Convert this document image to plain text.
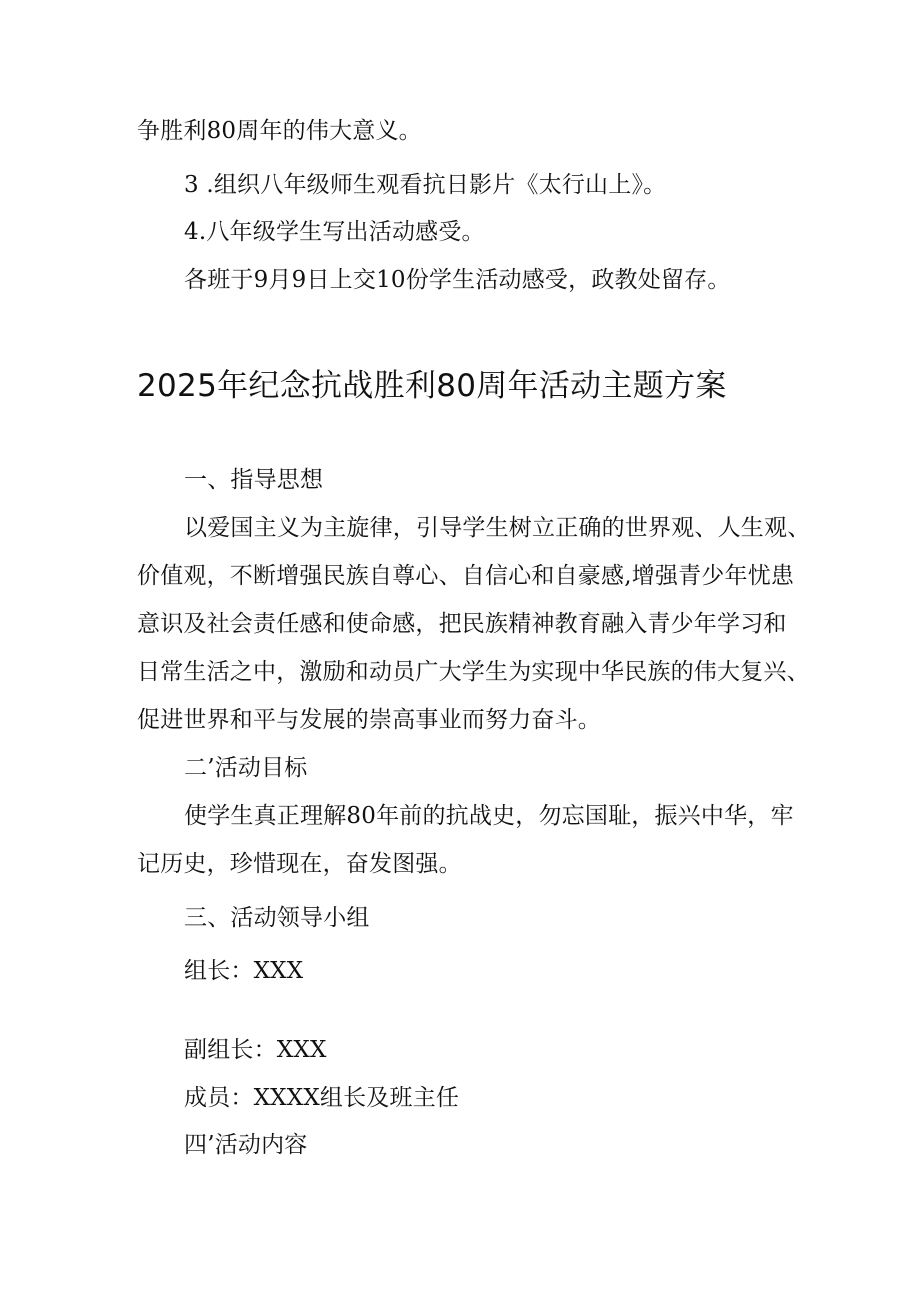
争胜利80周年的伟大意义。
3 .组织八年级师生观看抗日影片《太行山上》。
4.八年级学生写出活动感受。
各班于9月9日上交10份学生活动感受，政教处留存。
2025年纪念抗战胜利80周年活动主题方案
一、指导思想
以爱国主义为主旋律，引导学生树立正确的世界观、人生观、
价值观，不断增强民族自尊心、自信心和自豪感,增强青少年忧患
意识及社会责任感和使命感，把民族精神教育融入青少年学习和
日常生活之中，激励和动员广大学生为实现中华民族的伟大复兴、
促进世界和平与发展的崇高事业而努力奋斗。
二’活动目标
使学生真正理解80年前的抗战史，勿忘国耻，振兴中华，牢
记历史，珍惜现在，奋发图强。
三、活动领导小组
组长：XXX
副组长：XXX
成员：XXXX组长及班主任
四’活动内容
